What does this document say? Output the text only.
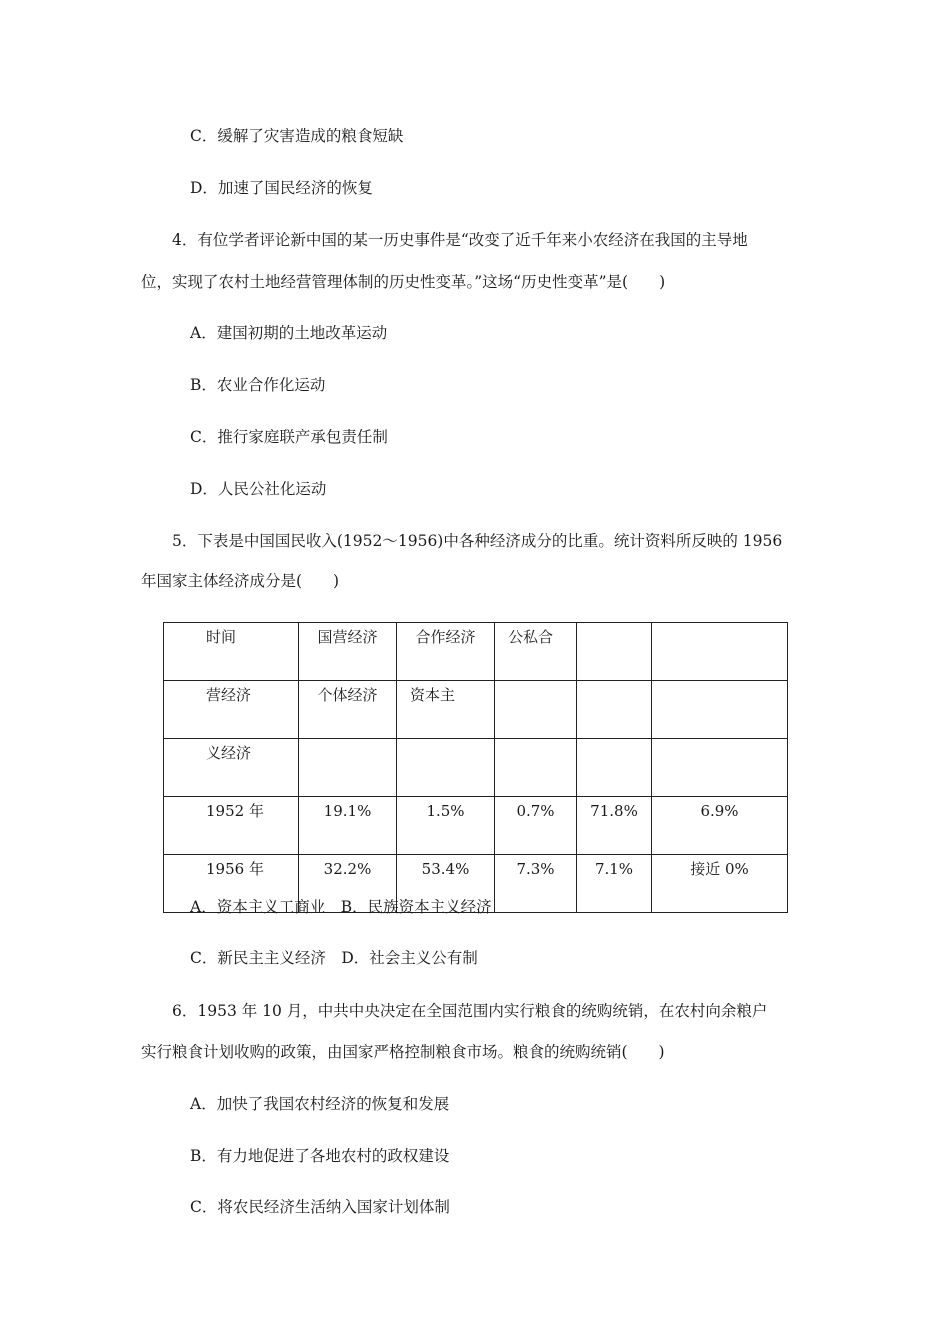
C．缓解了灾害造成的粮食短缺
D．加速了国民经济的恢复
4．有位学者评论新中国的某一历史事件是“改变了近千年来小农经济在我国的主导地
位，实现了农村土地经营管理体制的历史性变革。”这场“历史性变革”是(　　)
A．建国初期的土地改革运动
B．农业合作化运动
C．推行家庭联产承包责任制
D．人民公社化运动
5．下表是中国国民收入(1952～1956)中各种经济成分的比重。统计资料所反映的 1956
年国家主体经济成分是(　　)
时间	国营经济	合作经济	公私合		
营经济	个体经济	资本主			
义经济					
1952 年	19.1%	1.5%	0.7%	71.8%	6.9%
1956 年	32.2%	53.4%	7.3%	7.1%	接近 0%
A．资本主义工商业　B．民族资本主义经济
C．新民主主义经济　D．社会主义公有制
6．1953 年 10 月，中共中央决定在全国范围内实行粮食的统购统销，在农村向余粮户
实行粮食计划收购的政策，由国家严格控制粮食市场。粮食的统购统销(　　)
A．加快了我国农村经济的恢复和发展
B．有力地促进了各地农村的政权建设
C．将农民经济生活纳入国家计划体制
